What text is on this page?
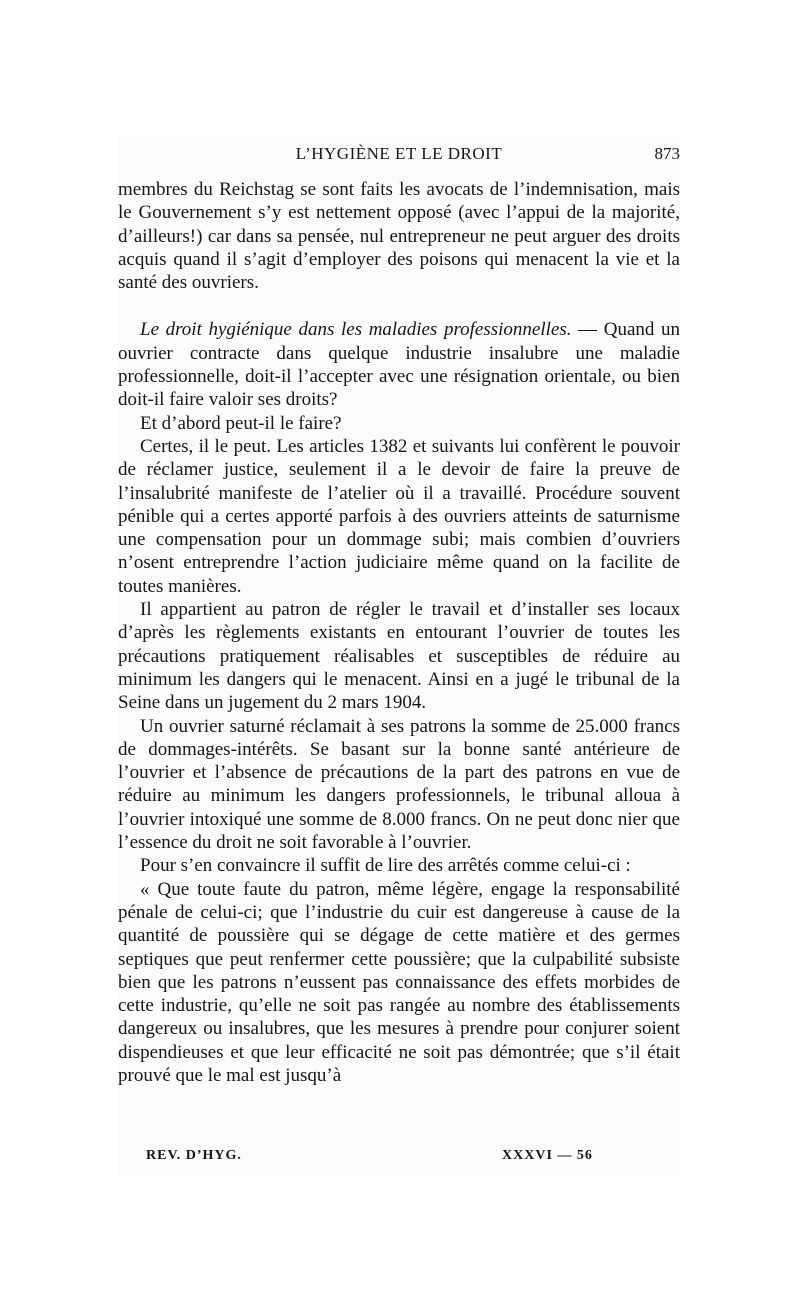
L’HYGIÈNE ET LE DROIT	873

membres du Reichstag se sont faits les avocats de l’indemnisation, mais le Gouvernement s’y est nettement opposé (avec l’appui de la majorité, d’ailleurs!) car dans sa pensée, nul entrepreneur ne peut arguer des droits acquis quand il s’agit d’employer des poisons qui menacent la vie et la santé des ouvriers.

Le droit hygiénique dans les maladies professionnelles. — Quand un ouvrier contracte dans quelque industrie insalubre une maladie professionnelle, doit-il l’accepter avec une résignation orientale, ou bien doit-il faire valoir ses droits?

Et d’abord peut-il le faire?

Certes, il le peut. Les articles 1382 et suivants lui confèrent le pouvoir de réclamer justice, seulement il a le devoir de faire la preuve de l’insalubrité manifeste de l’atelier où il a travaillé. Procédure souvent pénible qui a certes apporté parfois à des ouvriers atteints de saturnisme une compensation pour un dommage subi; mais combien d’ouvriers n’osent entreprendre l’action judiciaire même quand on la facilite de toutes manières.

Il appartient au patron de régler le travail et d’installer ses locaux d’après les règlements existants en entourant l’ouvrier de toutes les précautions pratiquement réalisables et susceptibles de réduire au minimum les dangers qui le menacent. Ainsi en a jugé le tribunal de la Seine dans un jugement du 2 mars 1904.

Un ouvrier saturné réclamait à ses patrons la somme de 25.000 francs de dommages-intérêts. Se basant sur la bonne santé antérieure de l’ouvrier et l’absence de précautions de la part des patrons en vue de réduire au minimum les dangers professionnels, le tribunal alloua à l’ouvrier intoxiqué une somme de 8.000 francs. On ne peut donc nier que l’essence du droit ne soit favorable à l’ouvrier.

Pour s’en convaincre il suffit de lire des arrêtés comme celui-ci :

« Que toute faute du patron, même légère, engage la responsabilité pénale de celui-ci; que l’industrie du cuir est dangereuse à cause de la quantité de poussière qui se dégage de cette matière et des germes septiques que peut renfermer cette poussière; que la culpabilité subsiste bien que les patrons n’eussent pas connaissance des effets morbides de cette industrie, qu’elle ne soit pas rangée au nombre des établissements dangereux ou insalubres, que les mesures à prendre pour conjurer soient dispendieuses et que leur efficacité ne soit pas démontrée; que s’il était prouvé que le mal est jusqu’à

REV. D’HYG.	XXXVI — 56
